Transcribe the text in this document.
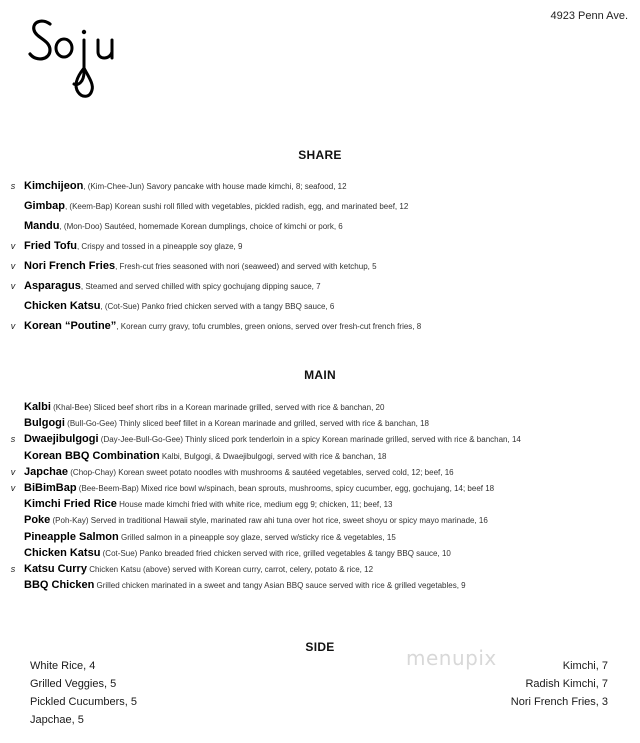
4923 Penn Ave.
SHARE
s Kimchijeon, (Kim-Chee-Jun) Savory pancake with house made kimchi, 8; seafood, 12
Gimbap, (Keem-Bap) Korean sushi roll filled with vegetables, pickled radish, egg, and marinated beef, 12
Mandu, (Mon-Doo) Sautéed, homemade Korean dumplings, choice of kimchi or pork, 6
v Fried Tofu, Crispy and tossed in a pineapple soy glaze, 9
v Nori French Fries, Fresh-cut fries seasoned with nori (seaweed) and served with ketchup, 5
v Asparagus, Steamed and served chilled with spicy gochujang dipping sauce, 7
Chicken Katsu, (Cot-Sue) Panko fried chicken served with a tangy BBQ sauce, 6
v Korean “Poutine”, Korean curry gravy, tofu crumbles, green onions, served over fresh-cut french fries, 8
MAIN
Kalbi (Khal-Bee) Sliced beef short ribs in a Korean marinade grilled, served with rice & banchan, 20
Bulgogi (Bull-Go-Gee) Thinly sliced beef fillet in a Korean marinade and grilled, served with rice & banchan, 18
s Dwaejibulgogi (Day-Jee-Bull-Go-Gee) Thinly sliced pork tenderloin in a spicy Korean marinade grilled, served with rice & banchan, 14
Korean BBQ Combination Kalbi, Bulgogi, & Dwaejibulgogi, served with rice & banchan, 18
v Japchae (Chop-Chay) Korean sweet potato noodles with mushrooms & sautéed vegetables, served cold, 12; beef, 16
v BiBimBap (Bee-Beem-Bap) Mixed rice bowl w/spinach, bean sprouts, mushrooms, spicy cucumber, egg, gochujang, 14; beef 18
Kimchi Fried Rice House made kimchi fried with white rice, medium egg 9; chicken, 11; beef, 13
Poke (Poh-Kay) Served in traditional Hawaii style, marinated raw ahi tuna over hot rice, sweet shoyu or spicy mayo marinade, 16
Pineapple Salmon Grilled salmon in a pineapple soy glaze, served w/sticky rice & vegetables, 15
Chicken Katsu (Cot-Sue) Panko breaded fried chicken served with rice, grilled vegetables & tangy BBQ sauce, 10
s Katsu Curry Chicken Katsu (above) served with Korean curry, carrot, celery, potato & rice, 12
BBQ Chicken Grilled chicken marinated in a sweet and tangy Asian BBQ sauce served with rice & grilled vegetables, 9
SIDE
White Rice, 4
Grilled Veggies, 5
Pickled Cucumbers, 5
Japchae, 5
Kimchi, 7
Radish Kimchi, 7
Nori French Fries, 3
menupix
